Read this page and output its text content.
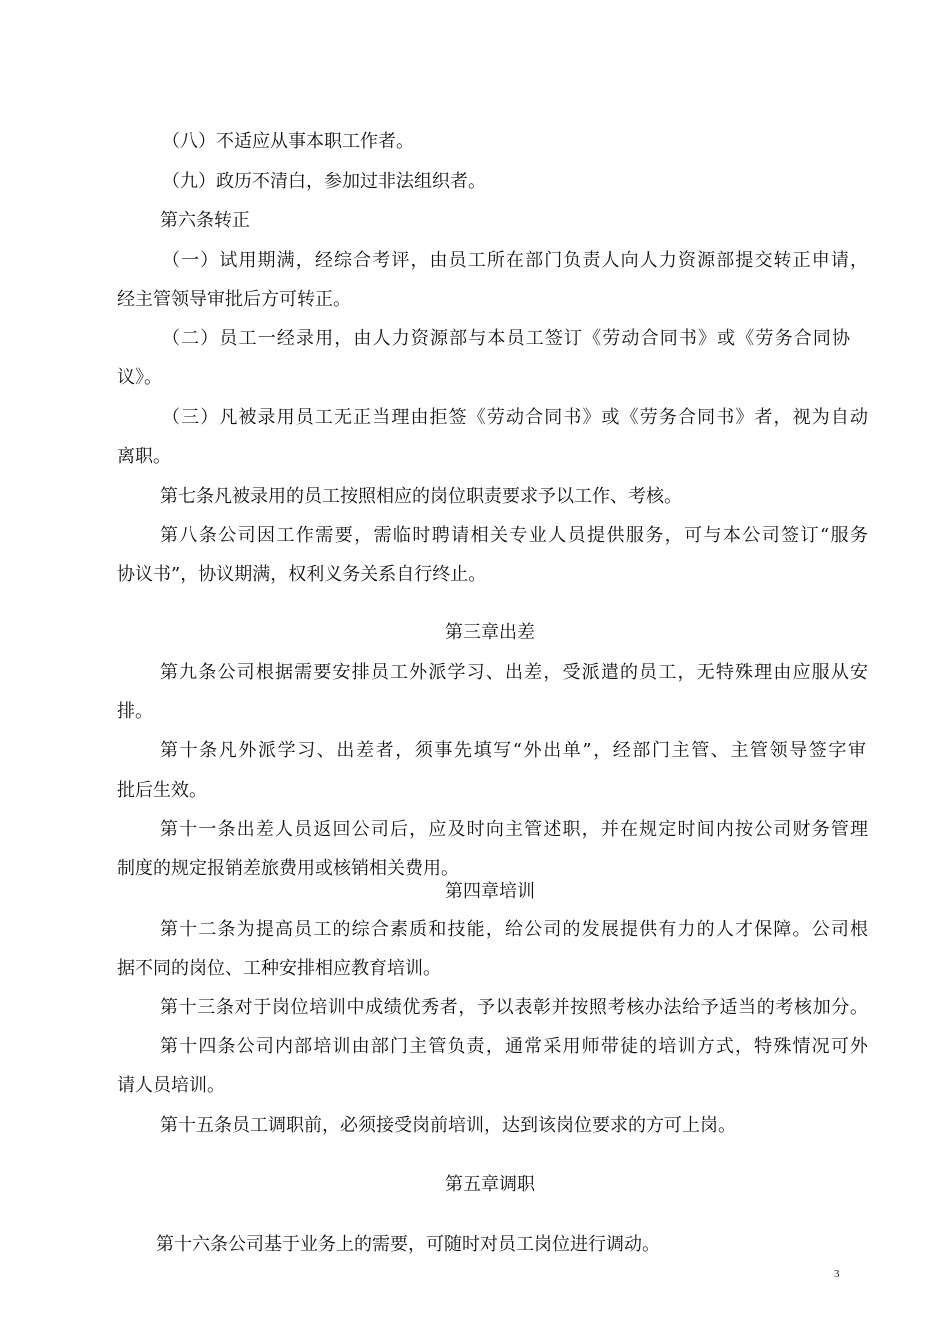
（八）不适应从事本职工作者。
（九）政历不清白，参加过非法组织者。
第六条转正
（一）试用期满，经综合考评，由员工所在部门负责人向人力资源部提交转正申请，
经主管领导审批后方可转正。
（二）员工一经录用，由人力资源部与本员工签订《劳动合同书》或《劳务合同协
议》。
（三）凡被录用员工无正当理由拒签《劳动合同书》或《劳务合同书》者，视为自动
离职。
第七条凡被录用的员工按照相应的岗位职责要求予以工作、考核。
第八条公司因工作需要，需临时聘请相关专业人员提供服务，可与本公司签订“服务
协议书”，协议期满，权利义务关系自行终止。
第三章出差
第九条公司根据需要安排员工外派学习、出差，受派遣的员工，无特殊理由应服从安
排。
第十条凡外派学习、出差者，须事先填写“外出单”，经部门主管、主管领导签字审
批后生效。
第十一条出差人员返回公司后，应及时向主管述职，并在规定时间内按公司财务管理
制度的规定报销差旅费用或核销相关费用。
第四章培训
第十二条为提高员工的综合素质和技能，给公司的发展提供有力的人才保障。公司根
据不同的岗位、工种安排相应教育培训。
第十三条对于岗位培训中成绩优秀者，予以表彰并按照考核办法给予适当的考核加分。
第十四条公司内部培训由部门主管负责，通常采用师带徒的培训方式，特殊情况可外
请人员培训。
第十五条员工调职前，必须接受岗前培训，达到该岗位要求的方可上岗。
第五章调职
第十六条公司基于业务上的需要，可随时对员工岗位进行调动。
3
